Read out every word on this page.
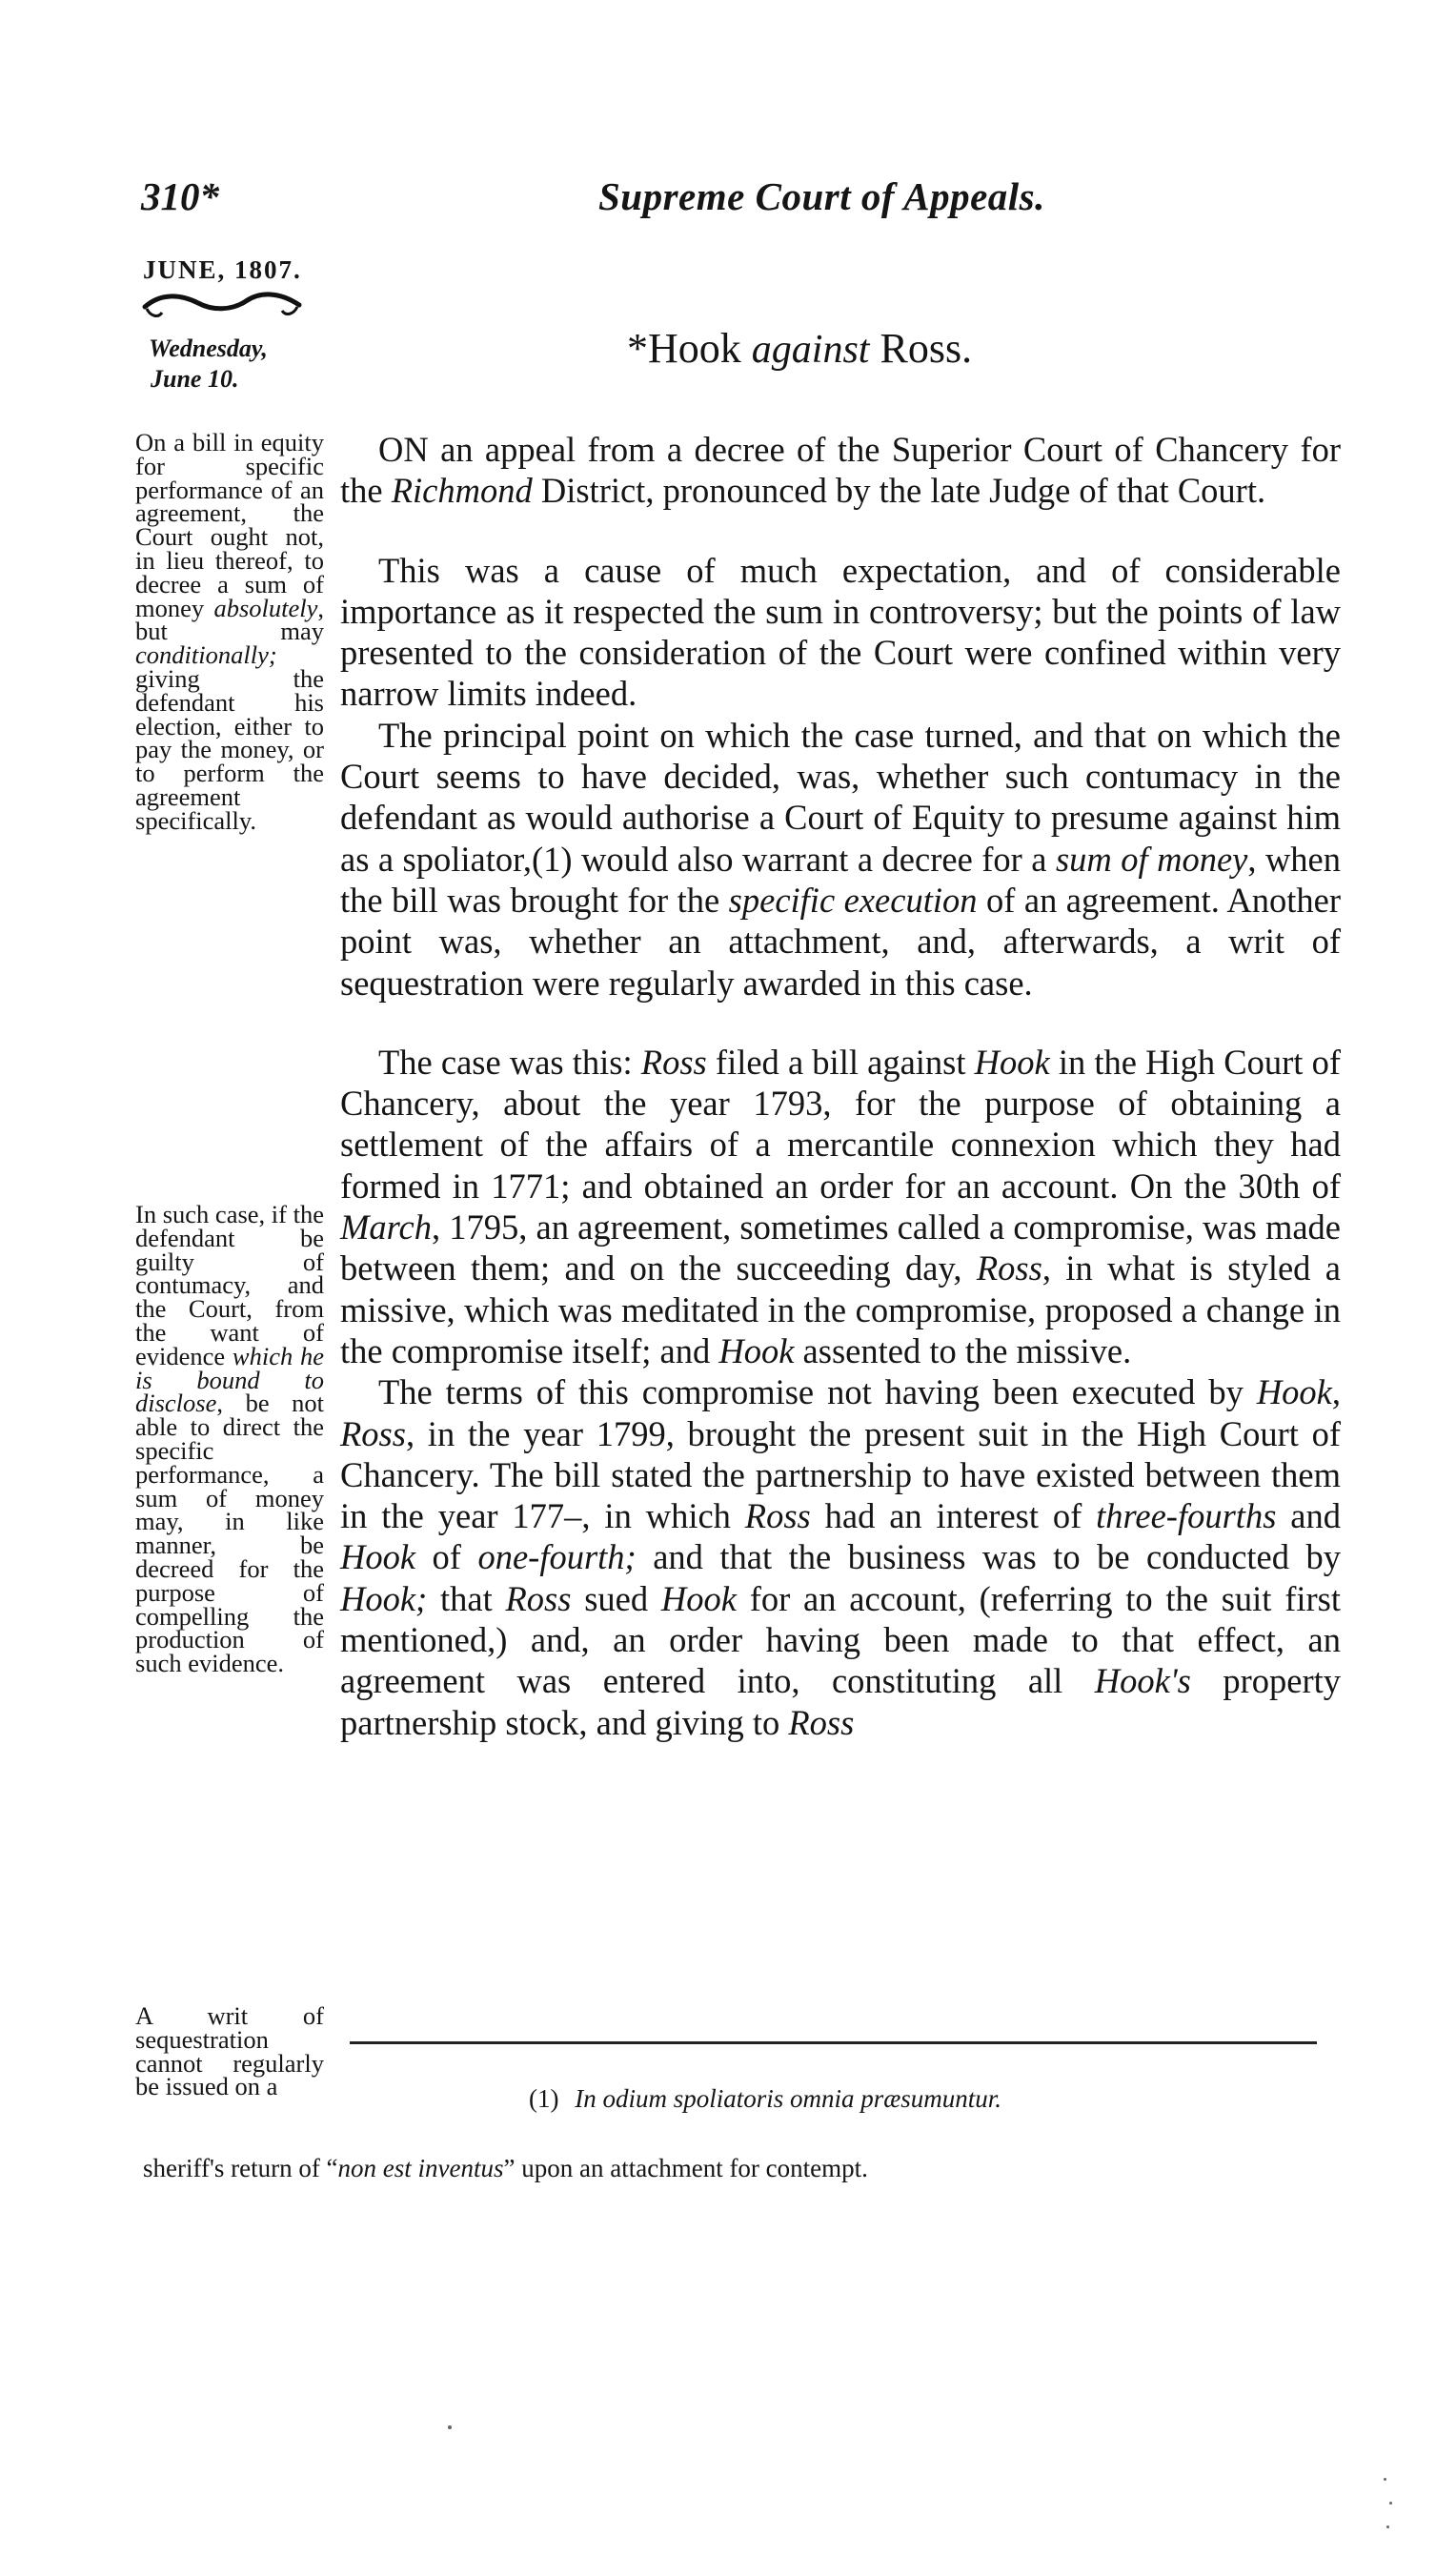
310*	Supreme Court of Appeals.
JUNE, 1807.
Wednesday,
June 10.
*Hook against Ross.
On a bill in equity for specific performance of an agreement, the Court ought not, in lieu thereof, to decree a sum of money absolutely, but may conditionally; giving the defendant his election, either to pay the money, or to perform the agreement specifically.
In such case, if the defendant be guilty of contumacy, and the Court, from the want of evidence which he is bound to disclose, be not able to direct the specific performance, a sum of money may, in like manner, be decreed for the purpose of compelling the production of such evidence.
A writ of sequestration cannot regularly be issued on a

ON an appeal from a decree of the Superior Court of Chancery for the Richmond District, pronounced by the late Judge of that Court.

This was a cause of much expectation, and of considerable importance as it respected the sum in controversy; but the points of law presented to the consideration of the Court were confined within very narrow limits indeed.

The principal point on which the case turned, and that on which the Court seems to have decided, was, whether such contumacy in the defendant as would authorise a Court of Equity to presume against him as a spoliator,(1) would also warrant a decree for a sum of money, when the bill was brought for the specific execution of an agreement. Another point was, whether an attachment, and, afterwards, a writ of sequestration were regularly awarded in this case.

The case was this: Ross filed a bill against Hook in the High Court of Chancery, about the year 1793, for the purpose of obtaining a settlement of the affairs of a mercantile connexion which they had formed in 1771; and obtained an order for an account. On the 30th of March, 1795, an agreement, sometimes called a compromise, was made between them; and on the succeeding day, Ross, in what is styled a missive, which was meditated in the compromise, proposed a change in the compromise itself; and Hook assented to the missive.

The terms of this compromise not having been executed by Hook, Ross, in the year 1799, brought the present suit in the High Court of Chancery. The bill stated the partnership to have existed between them in the year 177–, in which Ross had an interest of three-fourths and Hook of one-fourth; and that the business was to be conducted by Hook; that Ross sued Hook for an account, (referring to the suit first mentioned,) and, an order having been made to that effect, an agreement was entered into, constituting all Hook's property partnership stock, and giving to Ross

(1) In odium spoliatoris omnia præsumuntur.
sheriff's return of “non est inventus” upon an attachment for contempt.
